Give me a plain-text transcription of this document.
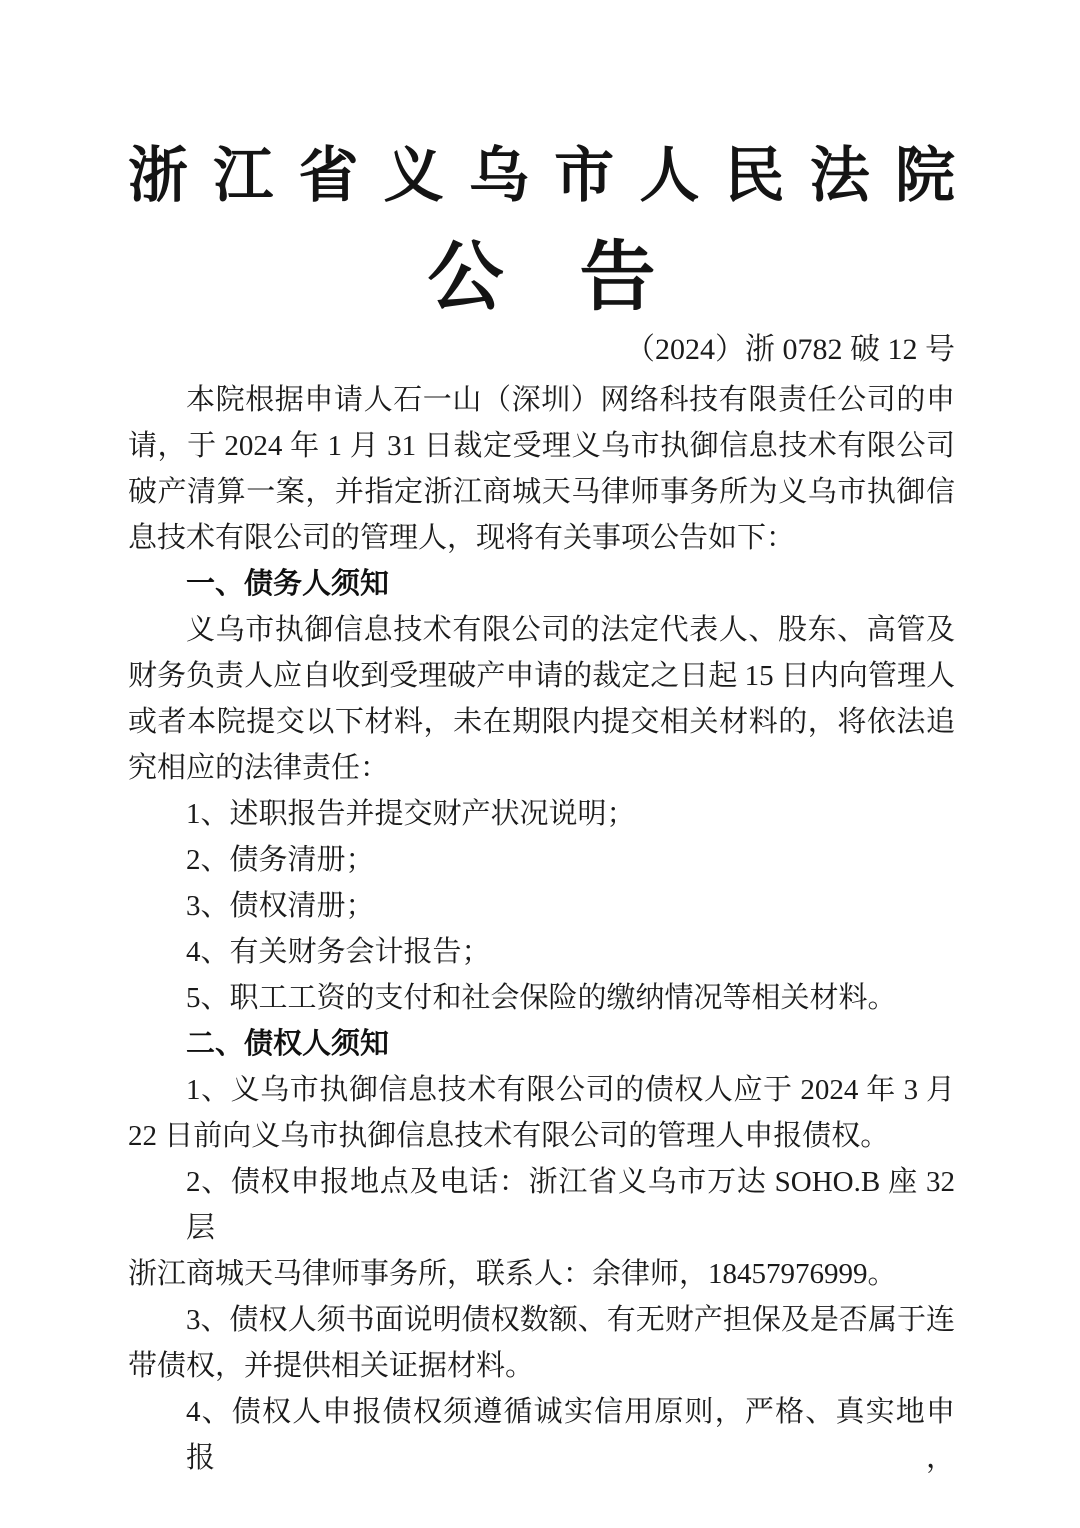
浙 江 省 义 乌 市 人 民 法 院
公　告
（2024）浙 0782 破 12 号
本院根据申请人石一山（深圳）网络科技有限责任公司的申
请，于 2024 年 1 月 31 日裁定受理义乌市执御信息技术有限公司
破产清算一案，并指定浙江商城天马律师事务所为义乌市执御信
息技术有限公司的管理人，现将有关事项公告如下：
一、债务人须知
义乌市执御信息技术有限公司的法定代表人、股东、高管及
财务负责人应自收到受理破产申请的裁定之日起 15 日内向管理人
或者本院提交以下材料，未在期限内提交相关材料的，将依法追
究相应的法律责任：
1、述职报告并提交财产状况说明；
2、债务清册；
3、债权清册；
4、有关财务会计报告；
5、职工工资的支付和社会保险的缴纳情况等相关材料。
二、债权人须知
1、义乌市执御信息技术有限公司的债权人应于 2024 年 3 月
22 日前向义乌市执御信息技术有限公司的管理人申报债权。
2、债权申报地点及电话：浙江省义乌市万达 SOHO.B 座 32 层
浙江商城天马律师事务所，联系人：余律师，18457976999。
3、债权人须书面说明债权数额、有无财产担保及是否属于连
带债权，并提供相关证据材料。
4、债权人申报债权须遵循诚实信用原则，严格、真实地申报，
